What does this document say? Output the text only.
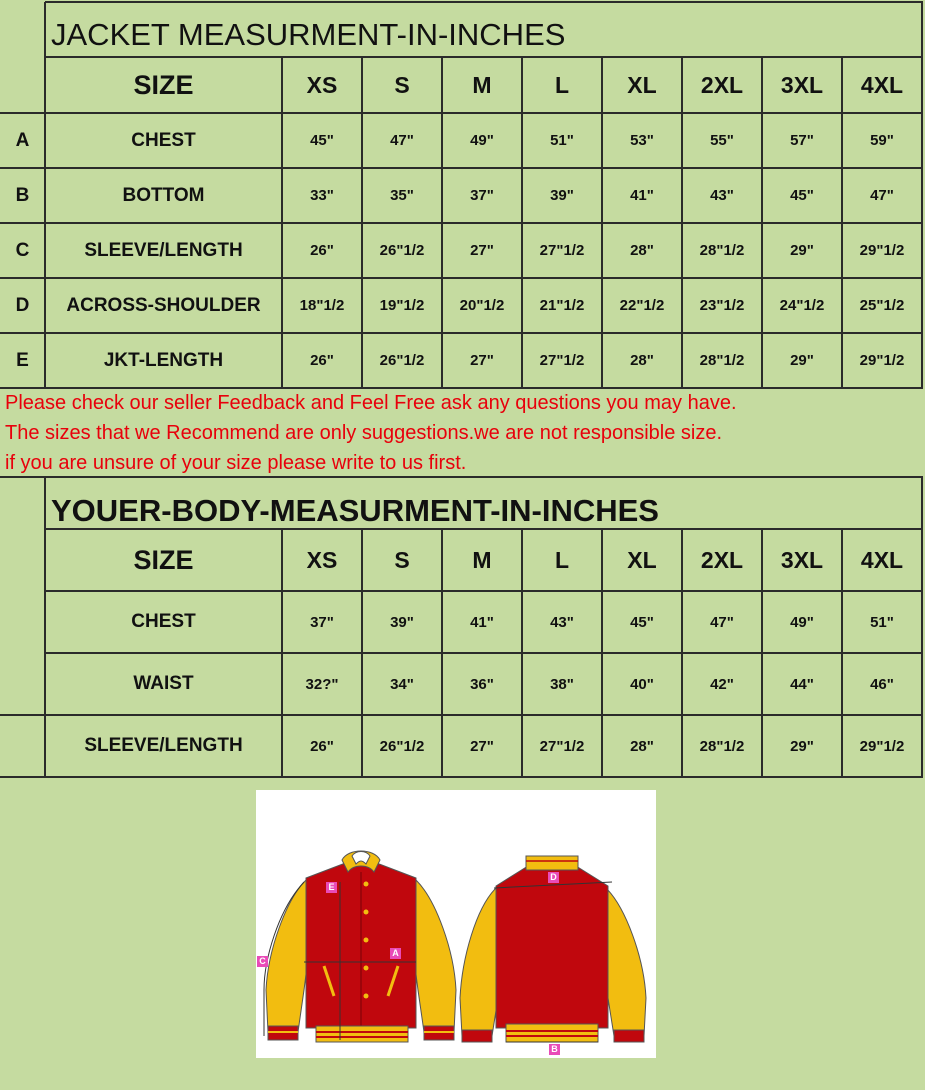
JACKET MEASURMENT-IN-INCHES
SIZE	XS	S	M	L	XL	2XL	3XL	4XL
A	CHEST	45"	47"	49"	51"	53"	55"	57"	59"
B	BOTTOM	33"	35"	37"	39"	41"	43"	45"	47"
C	SLEEVE/LENGTH	26"	26"1/2	27"	27"1/2	28"	28"1/2	29"	29"1/2
D	ACROSS-SHOULDER	18"1/2	19"1/2	20"1/2	21"1/2	22"1/2	23"1/2	24"1/2	25"1/2
E	JKT-LENGTH	26"	26"1/2	27"	27"1/2	28"	28"1/2	29"	29"1/2
Please check our seller Feedback and Feel Free ask any questions you may have.
The sizes that we Recommend are only suggestions.we are not responsible size.
if you are unsure of your size please write to us first.
YOUER-BODY-MEASURMENT-IN-INCHES
SIZE	XS	S	M	L	XL	2XL	3XL	4XL
CHEST	37"	39"	41"	43"	45"	47"	49"	51"
WAIST	32?"	34"	36"	38"	40"	42"	44"	46"
SLEEVE/LENGTH	26"	26"1/2	27"	27"1/2	28"	28"1/2	29"	29"1/2
E
A
C
D
B
